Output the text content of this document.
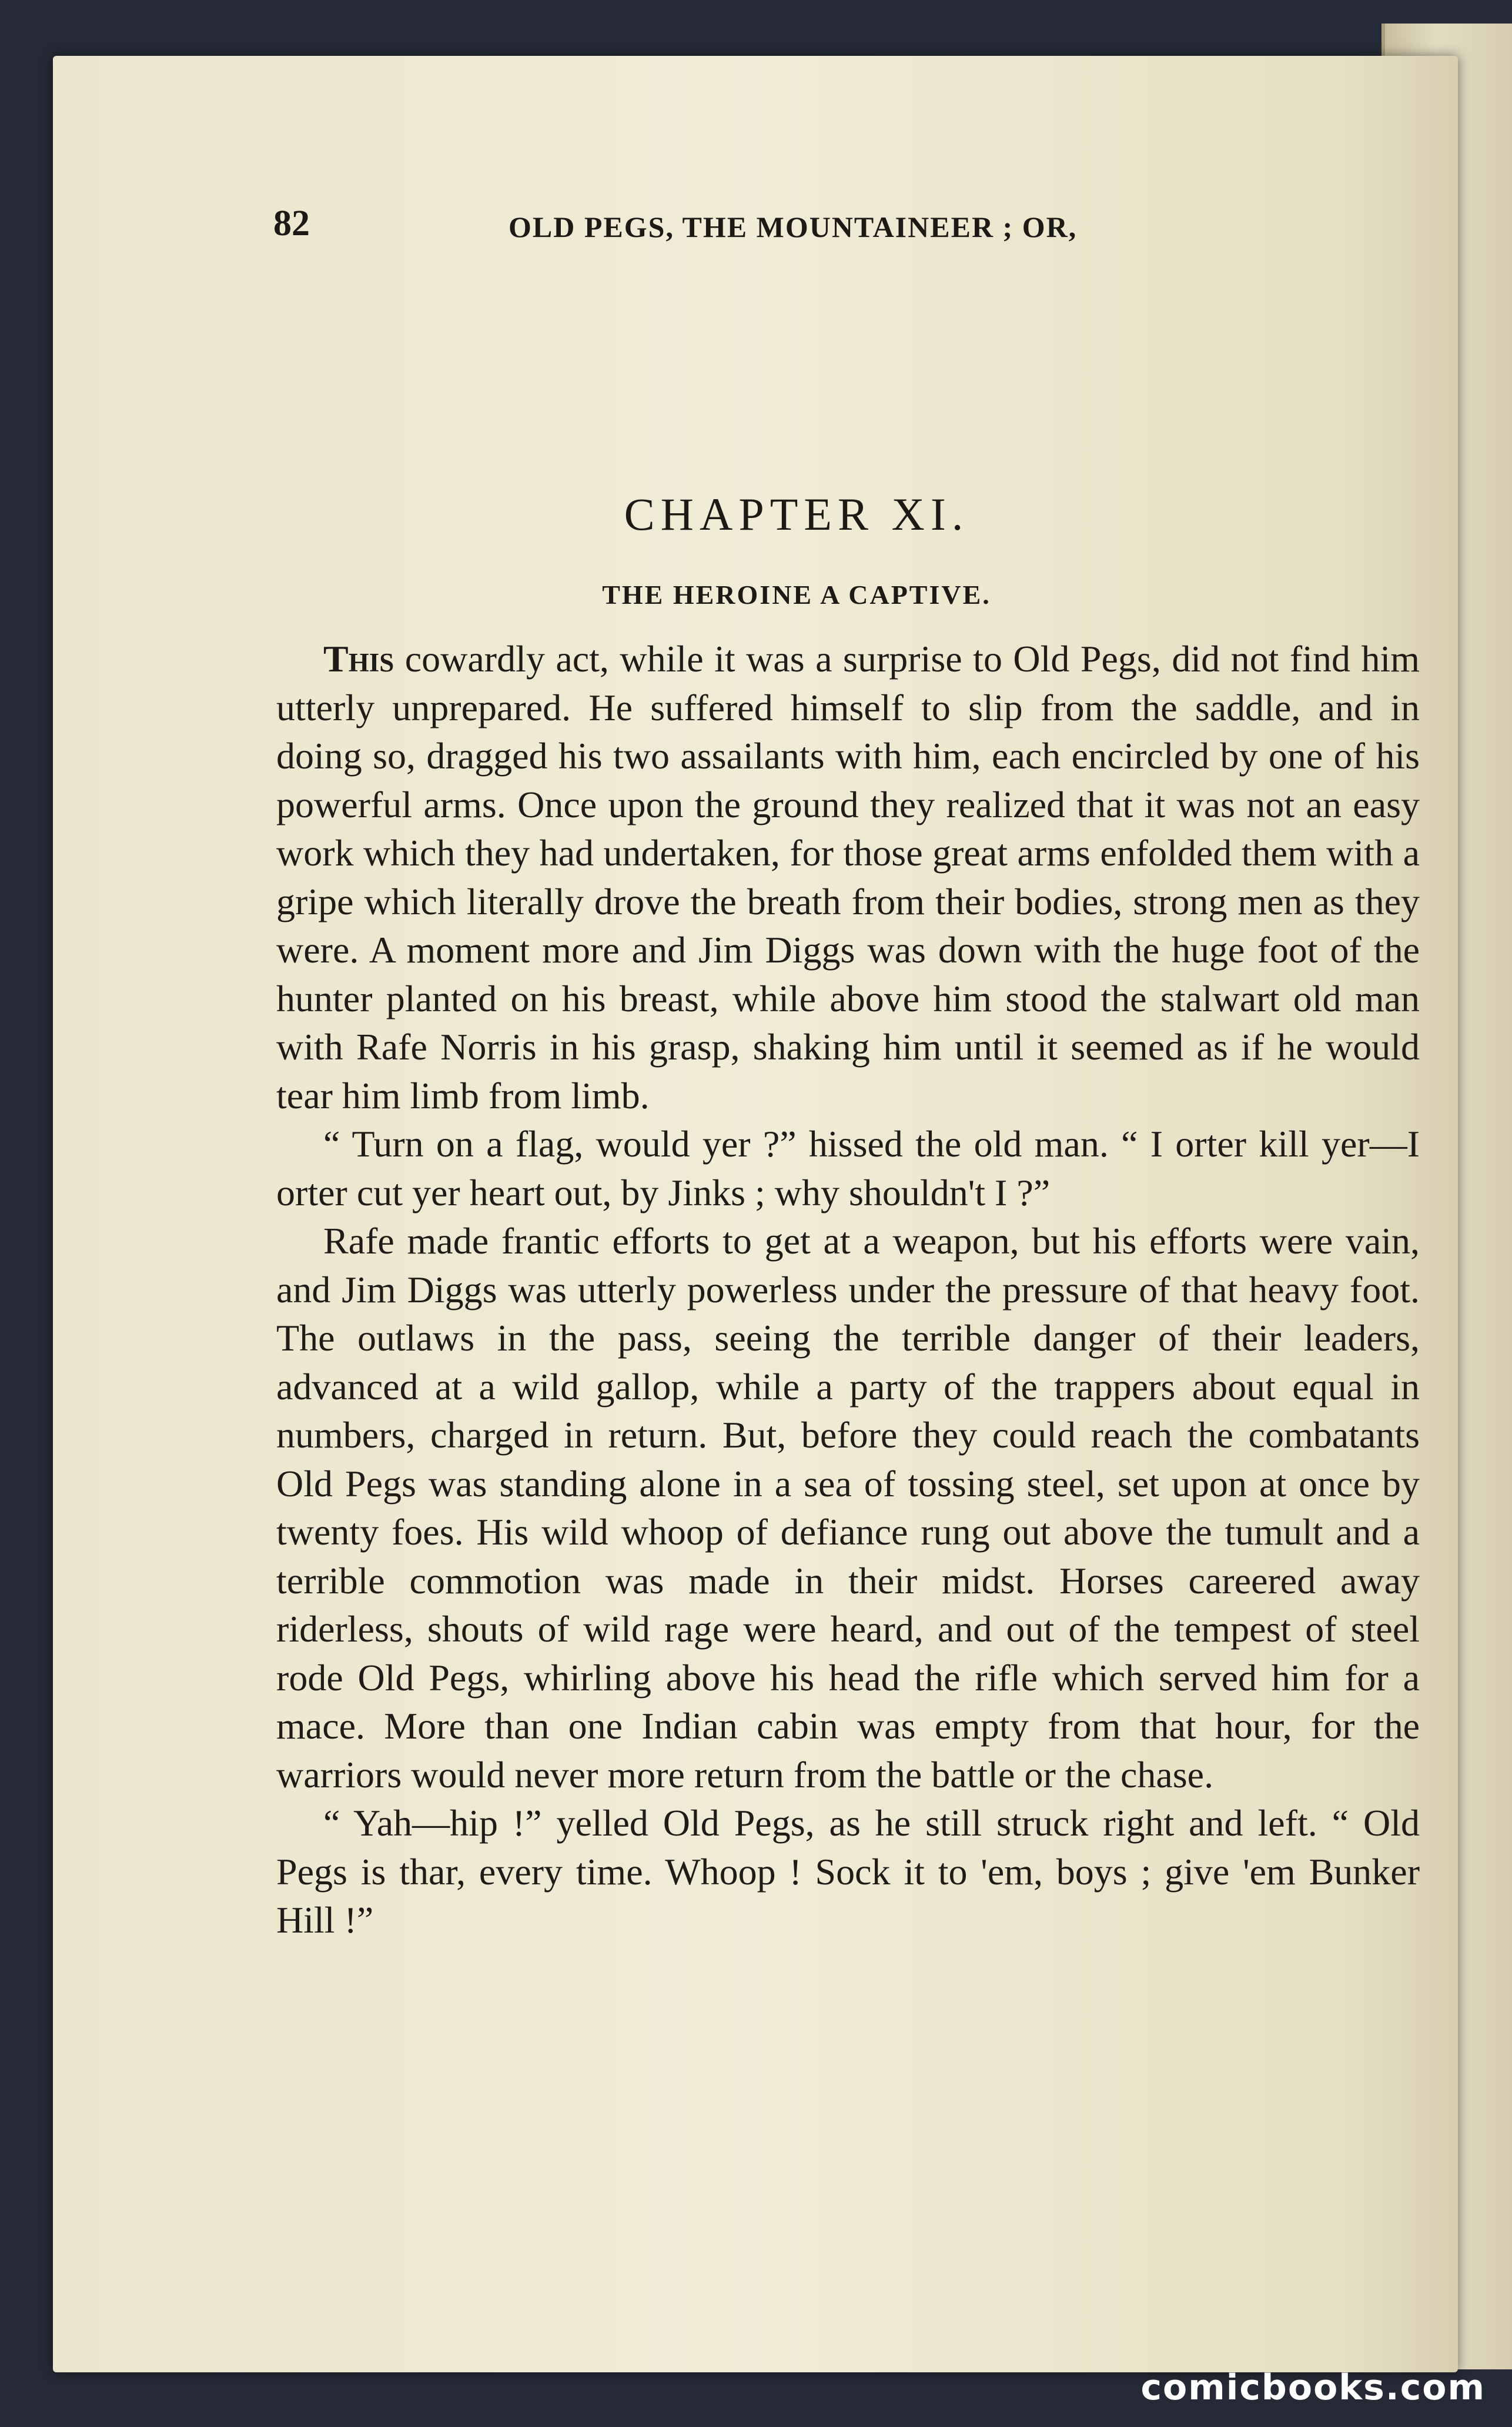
82	OLD PEGS, THE MOUNTAINEER ; OR,
CHAPTER XI.
THE HEROINE A CAPTIVE.

This cowardly act, while it was a surprise to Old Pegs, did not find him utterly unprepared. He suffered himself to slip from the saddle, and in doing so, dragged his two assailants with him, each encircled by one of his powerful arms. Once upon the ground they realized that it was not an easy work which they had undertaken, for those great arms enfolded them with a gripe which literally drove the breath from their bodies, strong men as they were. A moment more and Jim Diggs was down with the huge foot of the hunter planted on his breast, while above him stood the stalwart old man with Rafe Norris in his grasp, shaking him until it seemed as if he would tear him limb from limb.

“ Turn on a flag, would yer ?” hissed the old man. “ I orter kill yer—I orter cut yer heart out, by Jinks ; why shouldn't I ?”

Rafe made frantic efforts to get at a weapon, but his efforts were vain, and Jim Diggs was utterly powerless under the pressure of that heavy foot. The outlaws in the pass, seeing the terrible danger of their leaders, advanced at a wild gallop, while a party of the trappers about equal in numbers, charged in return. But, before they could reach the combatants Old Pegs was standing alone in a sea of tossing steel, set upon at once by twenty foes. His wild whoop of defiance rung out above the tumult and a terrible commotion was made in their midst. Horses careered away riderless, shouts of wild rage were heard, and out of the tempest of steel rode Old Pegs, whirling above his head the rifle which served him for a mace. More than one Indian cabin was empty from that hour, for the warriors would never more return from the battle or the chase.

“ Yah—hip !” yelled Old Pegs, as he still struck right and left. “ Old Pegs is thar, every time. Whoop ! Sock it to 'em, boys ; give 'em Bunker Hill !”

comicbooks.com
